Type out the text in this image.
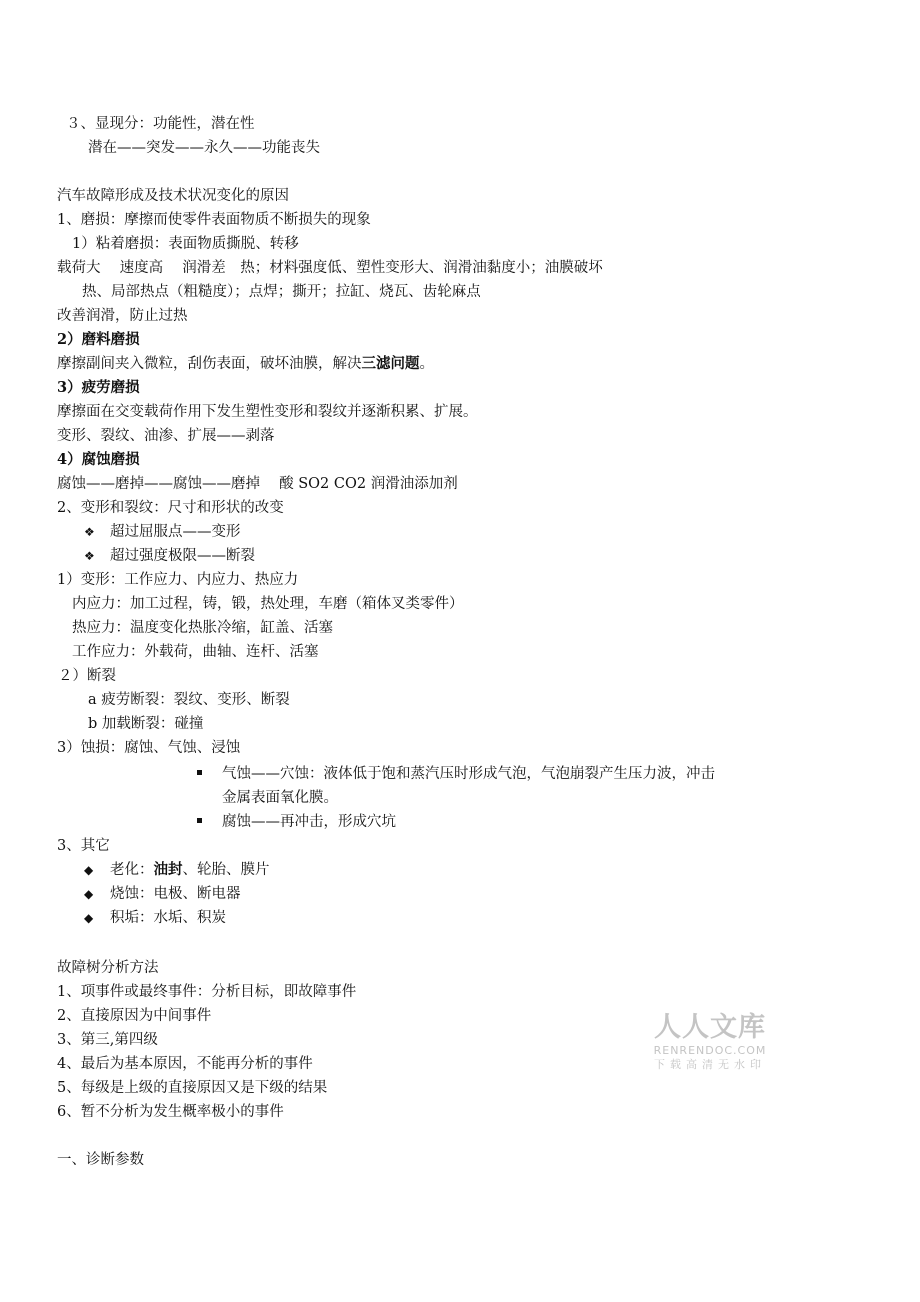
３、显现分：功能性，潜在性
潜在——突发——永久——功能丧失
汽车故障形成及技术状况变化的原因
1、磨损：摩擦而使零件表面物质不断损失的现象
1）粘着磨损：表面物质撕脱、转移
载荷大　 速度高　 润滑差　热；材料强度低、塑性变形大、润滑油黏度小；油膜破坏
热、局部热点（粗糙度）；点焊；撕开；拉缸、烧瓦、齿轮麻点
改善润滑，防止过热
2）磨料磨损
摩擦副间夹入微粒，刮伤表面，破坏油膜，解决三滤问题。
3）疲劳磨损
摩擦面在交变载荷作用下发生塑性变形和裂纹并逐渐积累、扩展。
变形、裂纹、油渗、扩展——剥落
4）腐蚀磨损
腐蚀——磨掉——腐蚀——磨掉　 酸 SO2 CO2 润滑油添加剂
2、变形和裂纹：尺寸和形状的改变
❖ 超过屈服点——变形
❖ 超过强度极限——断裂
1）变形：工作应力、内应力、热应力
内应力：加工过程，铸，锻，热处理，车磨（箱体叉类零件）
热应力：温度变化热胀冷缩，缸盖、活塞
工作应力：外载荷，曲轴、连杆、活塞
２）断裂
a 疲劳断裂：裂纹、变形、断裂
b 加载断裂：碰撞
3）蚀损：腐蚀、气蚀、浸蚀
气蚀——穴蚀：液体低于饱和蒸汽压时形成气泡，气泡崩裂产生压力波，冲击
金属表面氧化膜。
腐蚀——再冲击，形成穴坑
3、其它
◆ 老化：油封、轮胎、膜片
◆ 烧蚀：电极、断电器
◆ 积垢：水垢、积炭
故障树分析方法
1、项事件或最终事件：分析目标，即故障事件
2、直接原因为中间事件
3、第三,第四级
4、最后为基本原因，不能再分析的事件
5、每级是上级的直接原因又是下级的结果
6、暂不分析为发生概率极小的事件
一、诊断参数
人人文库
RENRENDOC.COM
下载高清无水印
